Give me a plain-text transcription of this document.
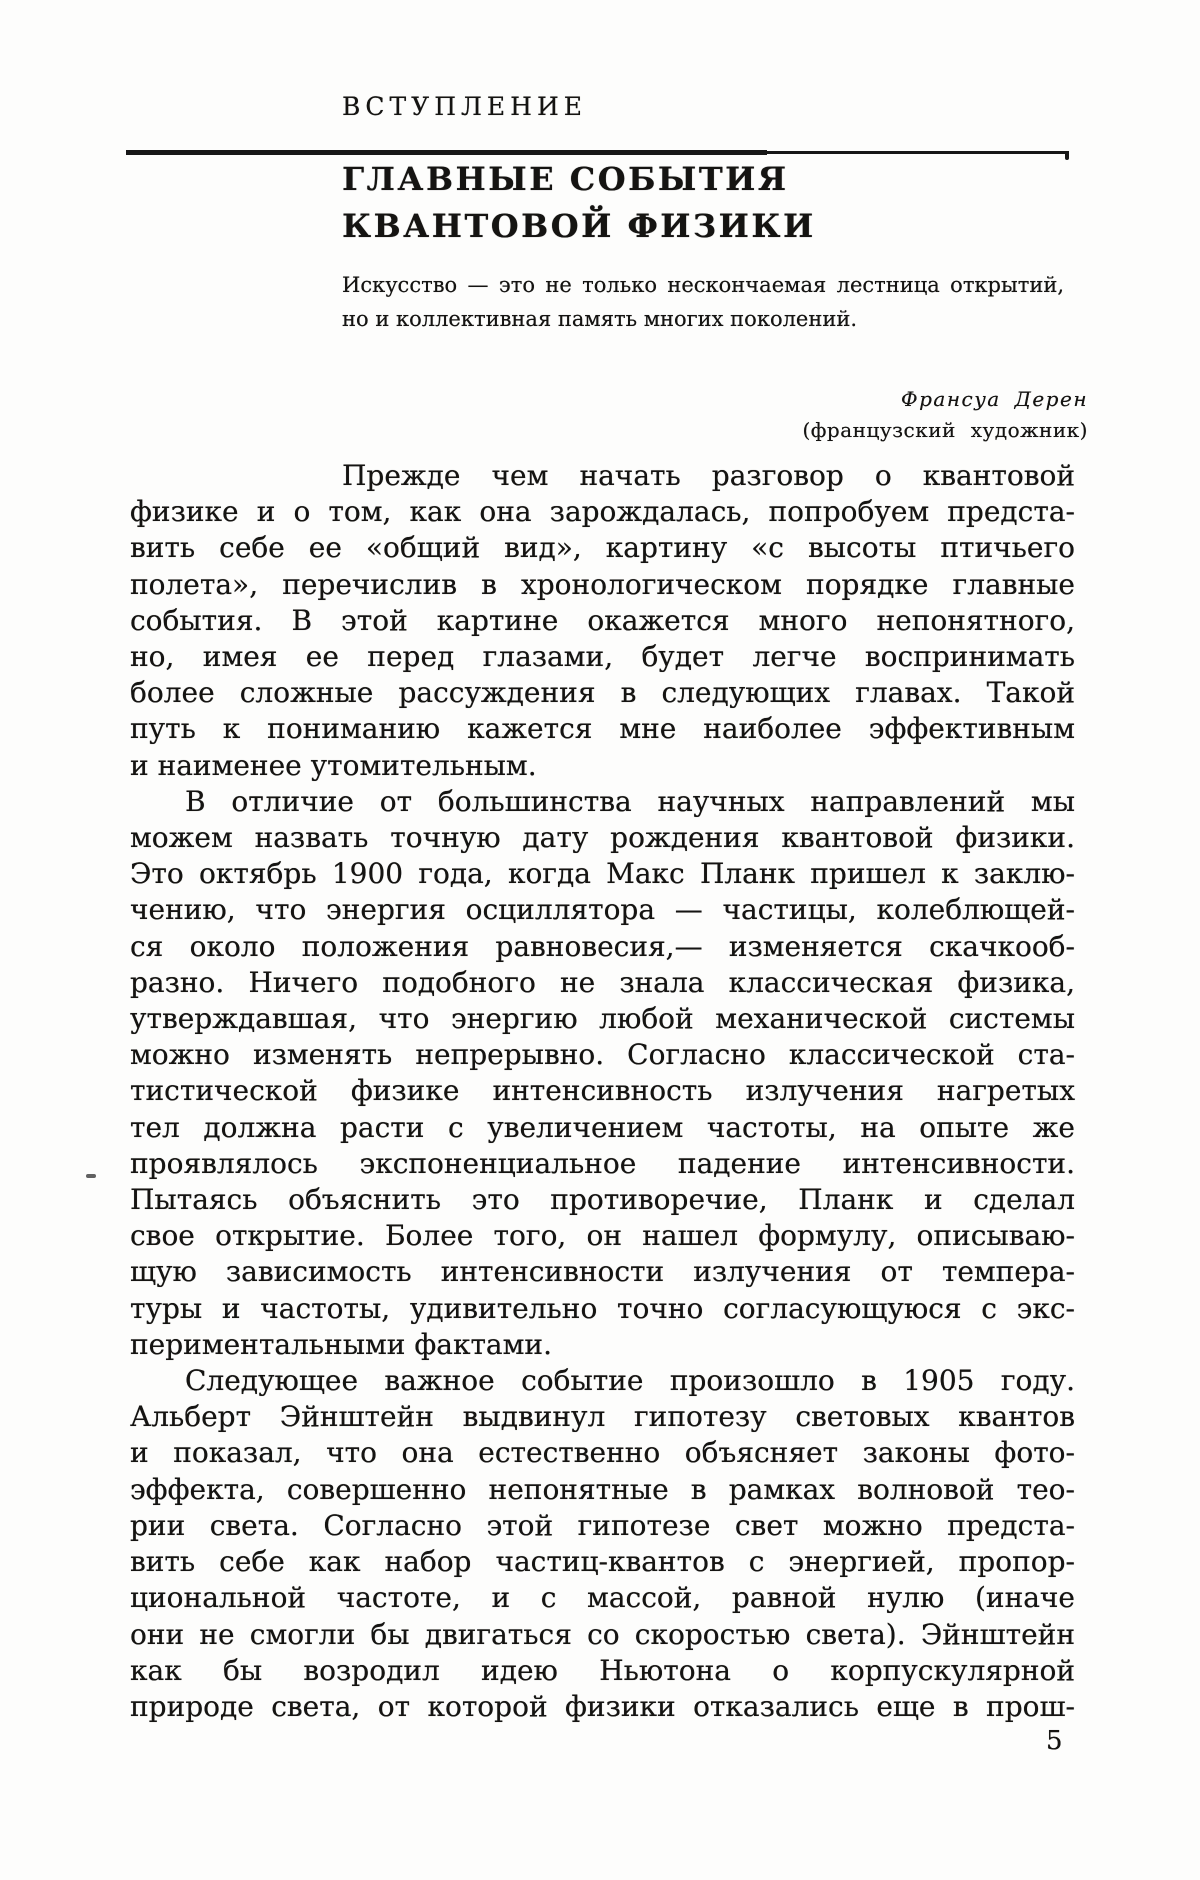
ВСТУПЛЕНИЕ
ГЛАВНЫЕ СОБЫТИЯ
КВАНТОВОЙ ФИЗИКИ
Искусство — это не только нескончаемая лестница открытий,
но и коллективная память многих поколений.
Франсуа Дерен
(французский художник)
Прежде чем начать разговор о квантовой
физике и о том, как она зарождалась, попробуем предста-
вить себе ее «общий вид», картину «с высоты птичьего
полета», перечислив в хронологическом порядке главные
события. В этой картине окажется много непонятного,
но, имея ее перед глазами, будет легче воспринимать
более сложные рассуждения в следующих главах. Такой
путь к пониманию кажется мне наиболее эффективным
и наименее утомительным.
В отличие от большинства научных направлений мы
можем назвать точную дату рождения квантовой физики.
Это октябрь 1900 года, когда Макс Планк пришел к заклю-
чению, что энергия осциллятора — частицы, колеблющей-
ся около положения равновесия,— изменяется скачкооб-
разно. Ничего подобного не знала классическая физика,
утверждавшая, что энергию любой механической системы
можно изменять непрерывно. Согласно классической ста-
тистической физике интенсивность излучения нагретых
тел должна расти с увеличением частоты, на опыте же
проявлялось экспоненциальное падение интенсивности.
Пытаясь объяснить это противоречие, Планк и сделал
свое открытие. Более того, он нашел формулу, описываю-
щую зависимость интенсивности излучения от темпера-
туры и частоты, удивительно точно согласующуюся с экс-
периментальными фактами.
Следующее важное событие произошло в 1905 году.
Альберт Эйнштейн выдвинул гипотезу световых квантов
и показал, что она естественно объясняет законы фото-
эффекта, совершенно непонятные в рамках волновой тео-
рии света. Согласно этой гипотезе свет можно предста-
вить себе как набор частиц-квантов с энергией, пропор-
циональной частоте, и с массой, равной нулю (иначе
они не смогли бы двигаться со скоростью света). Эйнштейн
как бы возродил идею Ньютона о корпускулярной
природе света, от которой физики отказались еще в прош-
5
